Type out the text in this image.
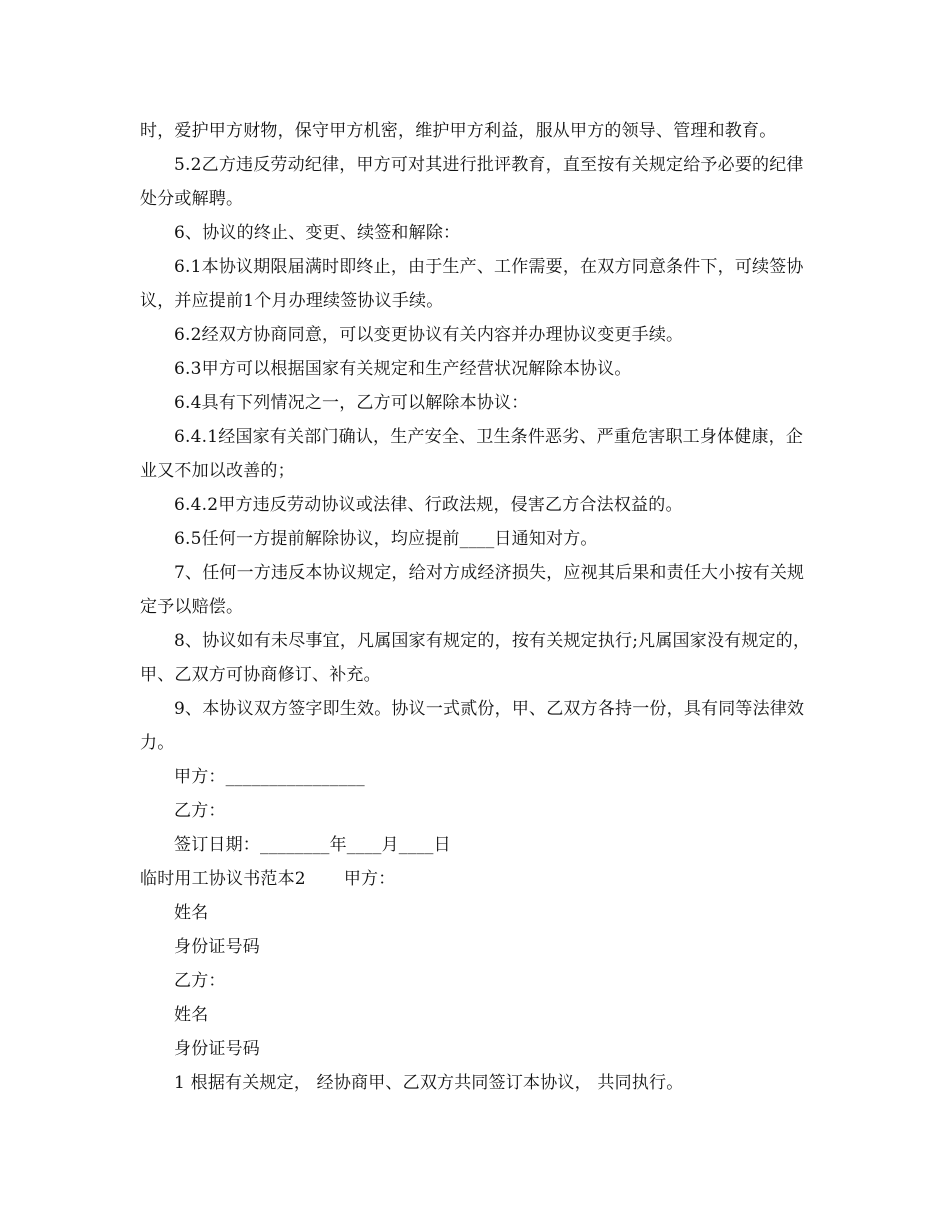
时，爱护甲方财物，保守甲方机密，维护甲方利益，服从甲方的领导、管理和教育。

5.2乙方违反劳动纪律，甲方可对其进行批评教育，直至按有关规定给予必要的纪律处分或解聘。

6、协议的终止、变更、续签和解除：

6.1本协议期限届满时即终止，由于生产、工作需要，在双方同意条件下，可续签协议，并应提前1个月办理续签协议手续。

6.2经双方协商同意，可以变更协议有关内容并办理协议变更手续。

6.3甲方可以根据国家有关规定和生产经营状况解除本协议。

6.4具有下列情况之一，乙方可以解除本协议：

6.4.1经国家有关部门确认，生产安全、卫生条件恶劣、严重危害职工身体健康，企业又不加以改善的；

6.4.2甲方违反劳动协议或法律、行政法规，侵害乙方合法权益的。

6.5任何一方提前解除协议，均应提前____日通知对方。

7、任何一方违反本协议规定，给对方成经济损失，应视其后果和责任大小按有关规定予以赔偿。

8、协议如有未尽事宜，凡属国家有规定的，按有关规定执行;凡属国家没有规定的，甲、乙双方可协商修订、补充。

9、本协议双方签字即生效。协议一式贰份，甲、乙双方各持一份，具有同等法律效力。

甲方：________________

乙方：

签订日期：________年____月____日

临时用工协议书范本2 甲方：

姓名

身份证号码

乙方：

姓名

身份证号码

1 根据有关规定， 经协商甲、乙双方共同签订本协议， 共同执行。
